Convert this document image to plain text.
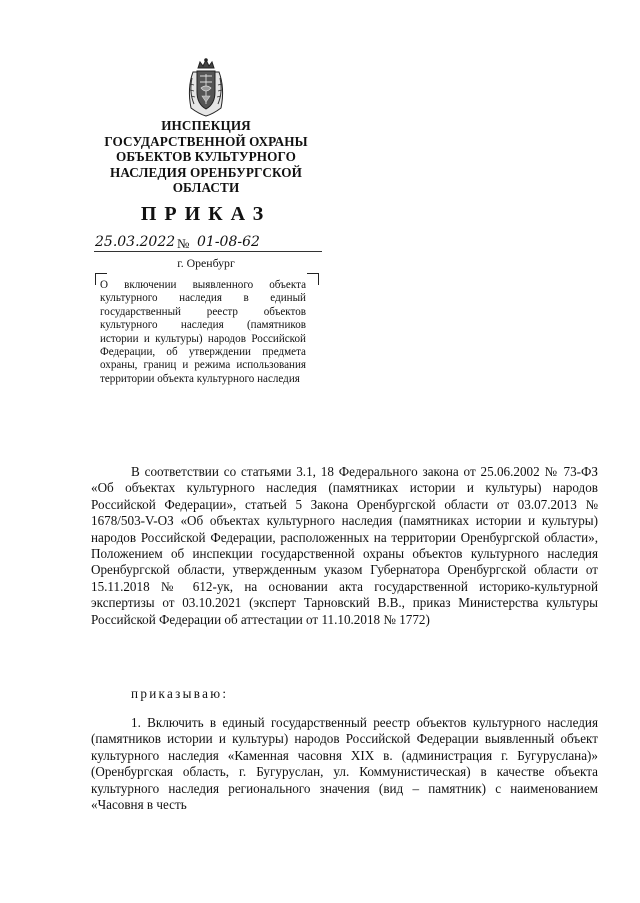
ИНСПЕКЦИЯ
ГОСУДАРСТВЕННОЙ ОХРАНЫ
ОБЪЕКТОВ КУЛЬТУРНОГО
НАСЛЕДИЯ ОРЕНБУРГСКОЙ
ОБЛАСТИ
ПРИКАЗ
25.03.2022 № 01-08-62
г. Оренбург
О включении выявленного объекта культурного наследия в единый государственный реестр объектов культурного наследия (памятников истории и культуры) народов Российской Федерации, об утверждении предмета охраны, границ и режима использования территории объекта культурного наследия
В соответствии со статьями 3.1, 18 Федерального закона от 25.06.2002 № 73-ФЗ «Об объектах культурного наследия (памятниках истории и культуры) народов Российской Федерации», статьей 5 Закона Оренбургской области от 03.07.2013 № 1678/503-V-ОЗ «Об объектах культурного наследия (памятниках истории и культуры) народов Российской Федерации, расположенных на территории Оренбургской области», Положением об инспекции государственной охраны объектов культурного наследия Оренбургской области, утвержденным указом Губернатора Оренбургской области от 15.11.2018 № 612-ук, на основании акта государственной историко-культурной экспертизы от 03.10.2021 (эксперт Тарновский В.В., приказ Министерства культуры Российской Федерации об аттестации от 11.10.2018 № 1772)
приказываю:
1. Включить в единый государственный реестр объектов культурного наследия (памятников истории и культуры) народов Российской Федерации выявленный объект культурного наследия «Каменная часовня XIX в. (администрация г. Бугуруслана)» (Оренбургская область, г. Бугуруслан, ул. Коммунистическая) в качестве объекта культурного наследия регионального значения (вид – памятник) с наименованием «Часовня в честь
